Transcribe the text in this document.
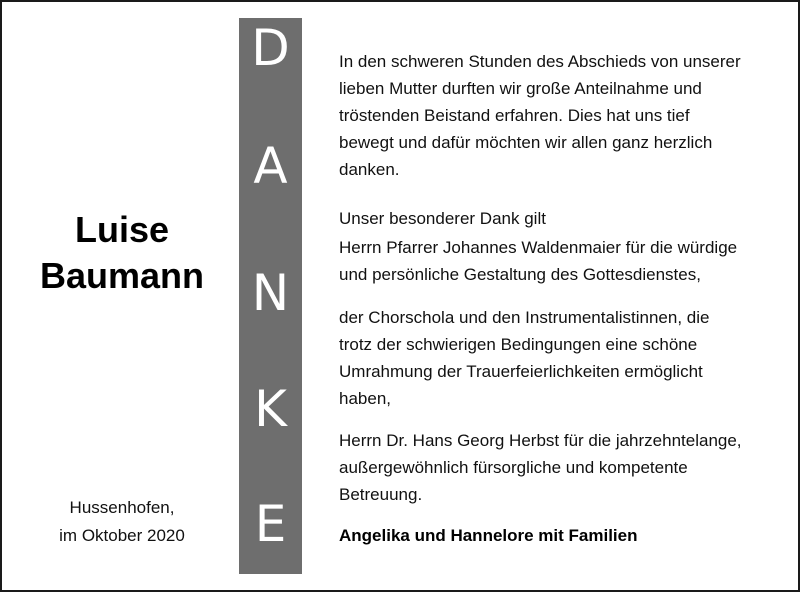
Luise
Baumann
Hussenhofen,
im Oktober 2020
D
A
N
K
E
In den schweren Stunden des Abschieds von unserer
lieben Mutter durften wir große Anteilnahme und
tröstenden Beistand erfahren. Dies hat uns tief
bewegt und dafür möchten wir allen ganz herzlich
danken.
Unser besonderer Dank gilt
Herrn Pfarrer Johannes Waldenmaier für die würdige
und persönliche Gestaltung des Gottesdienstes,
der Chorschola und den Instrumentalistinnen, die
trotz der schwierigen Bedingungen eine schöne
Umrahmung der Trauerfeierlichkeiten ermöglicht
haben,
Herrn Dr. Hans Georg Herbst für die jahrzehntelange,
außergewöhnlich fürsorgliche und kompetente
Betreuung.
Angelika und Hannelore mit Familien
